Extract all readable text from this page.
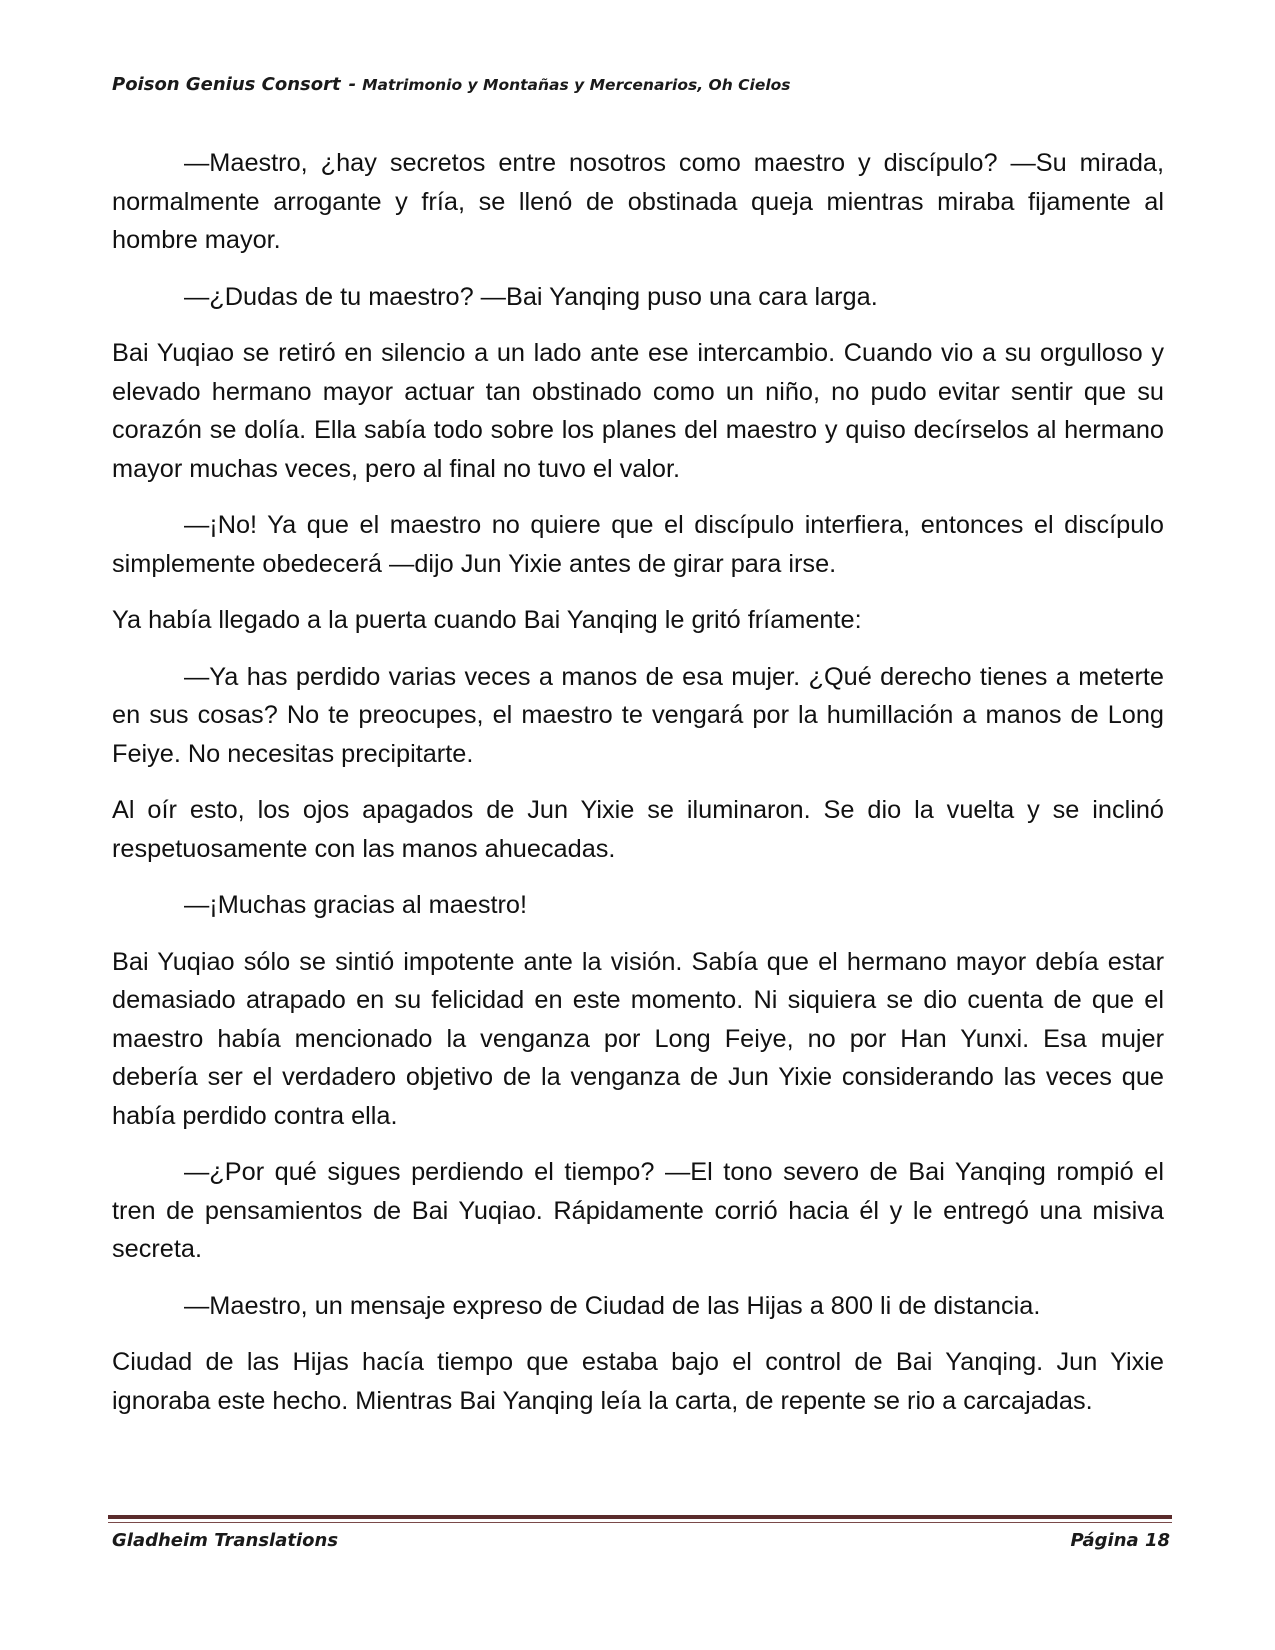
Poison Genius Consort - Matrimonio y Montañas y Mercenarios, Oh Cielos

—Maestro, ¿hay secretos entre nosotros como maestro y discípulo? —Su mirada, normalmente arrogante y fría, se llenó de obstinada queja mientras miraba fijamente al hombre mayor.

—¿Dudas de tu maestro? —Bai Yanqing puso una cara larga.

Bai Yuqiao se retiró en silencio a un lado ante ese intercambio. Cuando vio a su orgulloso y elevado hermano mayor actuar tan obstinado como un niño, no pudo evitar sentir que su corazón se dolía. Ella sabía todo sobre los planes del maestro y quiso decírselos al hermano mayor muchas veces, pero al final no tuvo el valor.

—¡No! Ya que el maestro no quiere que el discípulo interfiera, entonces el discípulo simplemente obedecerá —dijo Jun Yixie antes de girar para irse.

Ya había llegado a la puerta cuando Bai Yanqing le gritó fríamente:

—Ya has perdido varias veces a manos de esa mujer. ¿Qué derecho tienes a meterte en sus cosas? No te preocupes, el maestro te vengará por la humillación a manos de Long Feiye. No necesitas precipitarte.

Al oír esto, los ojos apagados de Jun Yixie se iluminaron. Se dio la vuelta y se inclinó respetuosamente con las manos ahuecadas.

—¡Muchas gracias al maestro!

Bai Yuqiao sólo se sintió impotente ante la visión. Sabía que el hermano mayor debía estar demasiado atrapado en su felicidad en este momento. Ni siquiera se dio cuenta de que el maestro había mencionado la venganza por Long Feiye, no por Han Yunxi. Esa mujer debería ser el verdadero objetivo de la venganza de Jun Yixie considerando las veces que había perdido contra ella.

—¿Por qué sigues perdiendo el tiempo? —El tono severo de Bai Yanqing rompió el tren de pensamientos de Bai Yuqiao. Rápidamente corrió hacia él y le entregó una misiva secreta.

—Maestro, un mensaje expreso de Ciudad de las Hijas a 800 li de distancia.

Ciudad de las Hijas hacía tiempo que estaba bajo el control de Bai Yanqing. Jun Yixie ignoraba este hecho. Mientras Bai Yanqing leía la carta, de repente se rio a carcajadas.

Gladheim Translations	Página 18
